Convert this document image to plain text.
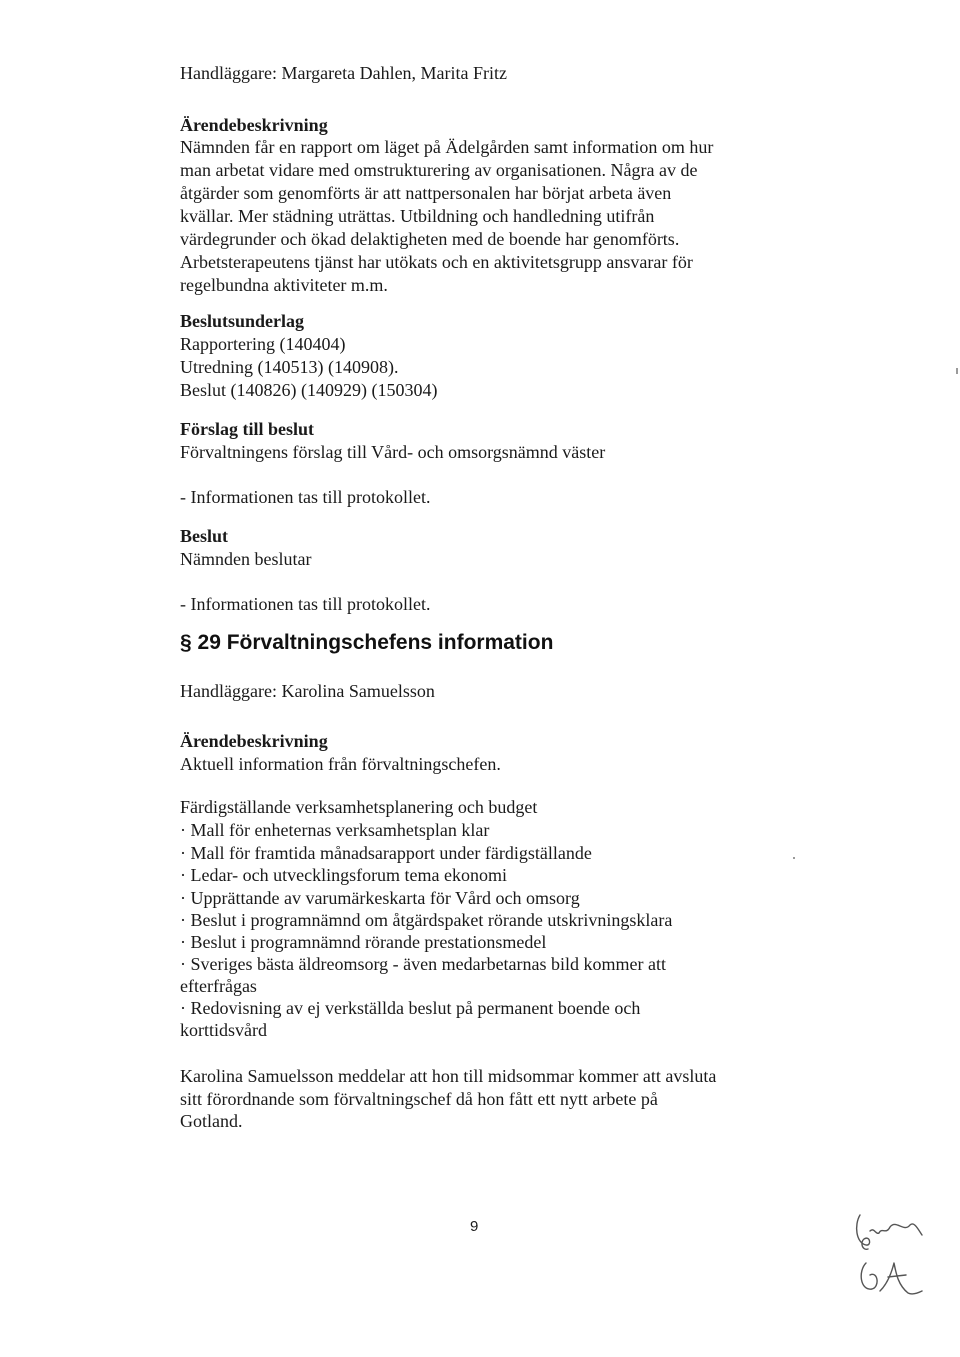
Handläggare: Margareta Dahlen, Marita Fritz

Ärendebeskrivning

Nämnden får en rapport om läget på Ädelgården samt information om hur

man arbetat vidare med omstrukturering av organisationen. Några av de

åtgärder som genomförts är att nattpersonalen har börjat arbeta även

kvällar. Mer städning uträttas. Utbildning och handledning utifrån

värdegrunder och ökad delaktigheten med de boende har genomförts.

Arbetsterapeutens tjänst har utökats och en aktivitetsgrupp ansvarar för

regelbundna aktiviteter m.m.

Beslutsunderlag

Rapportering (140404)

Utredning (140513) (140908).

Beslut (140826) (140929) (150304)

Förslag till beslut

Förvaltningens förslag till Vård- och omsorgsnämnd väster

- Informationen tas till protokollet.

Beslut

Nämnden beslutar

- Informationen tas till protokollet.

§ 29 Förvaltningschefens information

Handläggare: Karolina Samuelsson

Ärendebeskrivning

Aktuell information från förvaltningschefen.

Färdigställande verksamhetsplanering och budget

· Mall för enheternas verksamhetsplan klar

· Mall för framtida månadsarapport under färdigställande

· Ledar- och utvecklingsforum tema ekonomi

· Upprättande av varumärkeskarta för Vård och omsorg

· Beslut i programnämnd om åtgärdspaket rörande utskrivningsklara

· Beslut i programnämnd rörande prestationsmedel

· Sveriges bästa äldreomsorg - även medarbetarnas bild kommer att

efterfrågas

· Redovisning av ej verkställda beslut på permanent boende och

korttidsvård

Karolina Samuelsson meddelar att hon till midsommar kommer att avsluta

sitt förordnande som förvaltningschef då hon fått ett nytt arbete på

Gotland.

9
